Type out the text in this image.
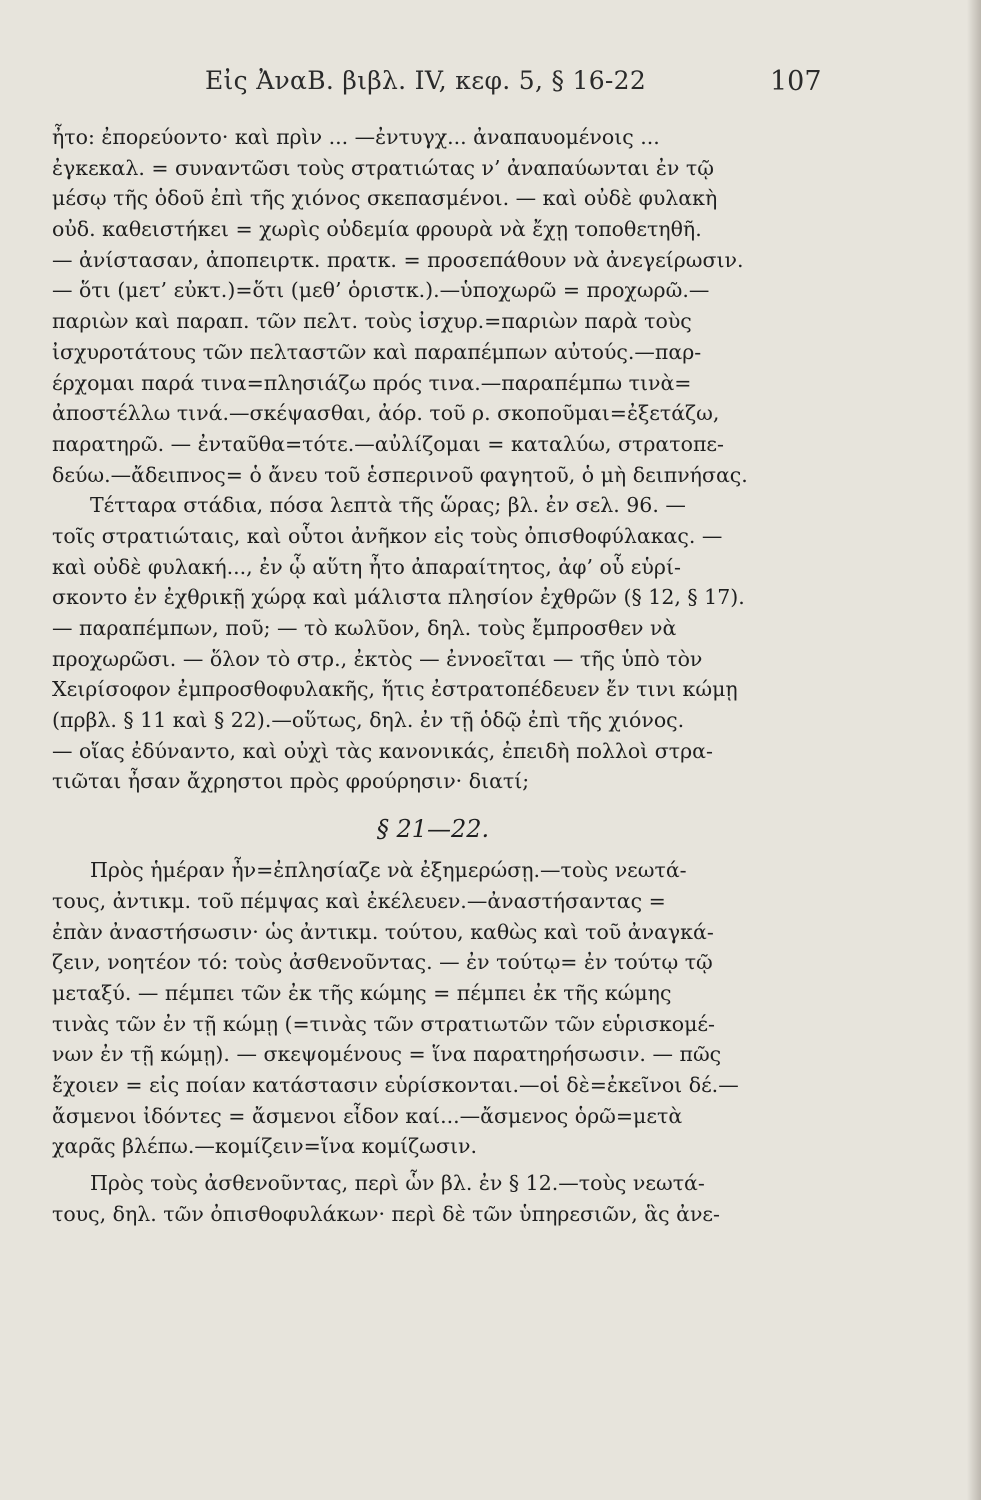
Εἰς ἈναΒ. βιβλ. IV, κεφ. 5, § 16-22	107
ἦτο: ἐπορεύοντο· καὶ πρὶν ... —ἐντυγχ... ἀναπαυομένοις ...
ἐγκεκαλ. = συναντῶσι τοὺς στρατιώτας ν’ ἀναπαύωνται ἐν τῷ
μέσῳ τῆς ὁδοῦ ἐπὶ τῆς χιόνος σκεπασμένοι. — καὶ οὐδὲ φυλακὴ
οὐδ. καθειστήκει = χωρὶς οὐδεμία φρουρὰ νὰ ἔχῃ τοποθετηθῆ.
— ἀνίστασαν, ἀποπειρτκ. πρατκ. = προσεπάθουν νὰ ἀνεγείρωσιν.
— ὅτι (μετ’ εὐκτ.)=ὅτι (μεθ’ ὁριστκ.).—ὑποχωρῶ = προχωρῶ.—
παριὼν καὶ παραπ. τῶν πελτ. τοὺς ἰσχυρ.=παριὼν παρὰ τοὺς
ἰσχυροτάτους τῶν πελταστῶν καὶ παραπέμπων αὐτούς.—παρ-
έρχομαι παρά τινα=πλησιάζω πρός τινα.—παραπέμπω τινὰ=
ἀποστέλλω τινά.—σκέψασθαι, ἀόρ. τοῦ ρ. σκοποῦμαι=ἐξετάζω,
παρατηρῶ. — ἐνταῦθα=τότε.—αὐλίζομαι = καταλύω, στρατοπε-
δεύω.—ἄδειπνος= ὁ ἄνευ τοῦ ἑσπερινοῦ φαγητοῦ, ὁ μὴ δειπνήσας.
Τέτταρα στάδια, πόσα λεπτὰ τῆς ὥρας; βλ. ἐν σελ. 96. —
τοῖς στρατιώταις, καὶ οὗτοι ἀνῆκον εἰς τοὺς ὀπισθοφύλακας. —
καὶ οὐδὲ φυλακή..., ἐν ᾧ αὕτη ἦτο ἀπαραίτητος, ἀφ’ οὗ εὑρί-
σκοντο ἐν ἐχθρικῇ χώρᾳ καὶ μάλιστα πλησίον ἐχθρῶν (§ 12, § 17).
— παραπέμπων, ποῦ; — τὸ κωλῦον, δηλ. τοὺς ἔμπροσθεν νὰ
προχωρῶσι. — ὅλον τὸ στρ., ἐκτὸς — ἐννοεῖται — τῆς ὑπὸ τὸν
Χειρίσοφον ἐμπροσθοφυλακῆς, ἥτις ἐστρατοπέδευεν ἔν τινι κώμῃ
(πρβλ. § 11 καὶ § 22).—οὕτως, δηλ. ἐν τῇ ὁδῷ ἐπὶ τῆς χιόνος.
— οἵας ἐδύναντο, καὶ οὐχὶ τὰς κανονικάς, ἐπειδὴ πολλοὶ στρα-
τιῶται ἦσαν ἄχρηστοι πρὸς φρούρησιν· διατί;
§ 21—22.
Πρὸς ἡμέραν ἦν=ἐπλησίαζε νὰ ἐξημερώσῃ.—τοὺς νεωτά-
τους, ἀντικμ. τοῦ πέμψας καὶ ἐκέλευεν.—ἀναστήσαντας =
ἐπὰν ἀναστήσωσιν· ὡς ἀντικμ. τούτου, καθὼς καὶ τοῦ ἀναγκά-
ζειν, νοητέον τό: τοὺς ἀσθενοῦντας. — ἐν τούτῳ= ἐν τούτῳ τῷ
μεταξύ. — πέμπει τῶν ἐκ τῆς κώμης = πέμπει ἐκ τῆς κώμης
τινὰς τῶν ἐν τῇ κώμῃ (=τινὰς τῶν στρατιωτῶν τῶν εὑρισκομέ-
νων ἐν τῇ κώμῃ). — σκεψομένους = ἵνα παρατηρήσωσιν. — πῶς
ἔχοιεν = εἰς ποίαν κατάστασιν εὑρίσκονται.—οἱ δὲ=ἐκεῖνοι δέ.—
ἄσμενοι ἰδόντες = ἄσμενοι εἶδον καί...—ἄσμενος ὁρῶ=μετὰ
χαρᾶς βλέπω.—κομίζειν=ἵνα κομίζωσιν.
Πρὸς τοὺς ἀσθενοῦντας, περὶ ὧν βλ. ἐν § 12.—τοὺς νεωτά-
τους, δηλ. τῶν ὀπισθοφυλάκων· περὶ δὲ τῶν ὑπηρεσιῶν, ἃς ἀνε-
